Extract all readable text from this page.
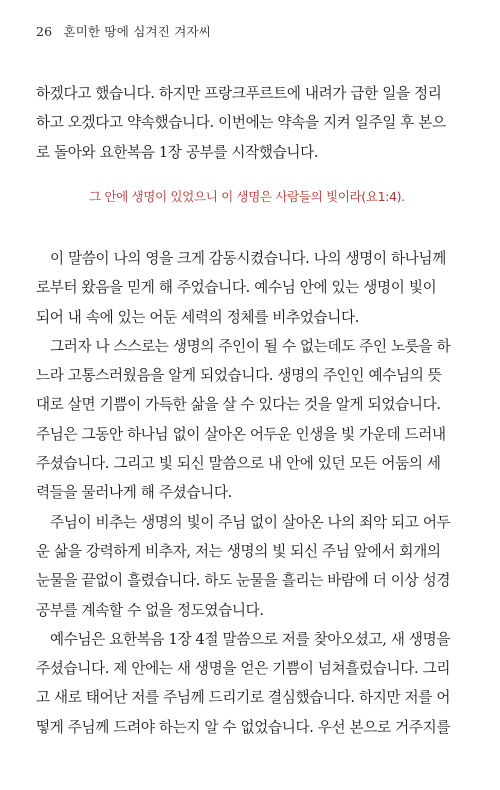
26 혼미한 땅에 심겨진 겨자씨
하겠다고 했습니다. 하지만 프랑크푸르트에 내려가 급한 일을 정리
하고 오겠다고 약속했습니다. 이번에는 약속을 지켜 일주일 후 본으
로 돌아와 요한복음 1장 공부를 시작했습니다.
그 안에 생명이 있었으니 이 생명은 사람들의 빛이라(요1:4).
이 말씀이 나의 영을 크게 감동시켰습니다. 나의 생명이 하나님께
로부터 왔음을 믿게 해 주었습니다. 예수님 안에 있는 생명이 빛이
되어 내 속에 있는 어둔 세력의 정체를 비추었습니다.
그러자 나 스스로는 생명의 주인이 될 수 없는데도 주인 노릇을 하
느라 고통스러웠음을 알게 되었습니다. 생명의 주인인 예수님의 뜻
대로 살면 기쁨이 가득한 삶을 살 수 있다는 것을 알게 되었습니다.
주님은 그동안 하나님 없이 살아온 어두운 인생을 빛 가운데 드러내
주셨습니다. 그리고 빛 되신 말씀으로 내 안에 있던 모든 어둠의 세
력들을 물러나게 해 주셨습니다.
주님이 비추는 생명의 빛이 주님 없이 살아온 나의 죄악 되고 어두
운 삶을 강력하게 비추자, 저는 생명의 빛 되신 주님 앞에서 회개의
눈물을 끝없이 흘렸습니다. 하도 눈물을 흘리는 바람에 더 이상 성경
공부를 계속할 수 없을 정도였습니다.
예수님은 요한복음 1장 4절 말씀으로 저를 찾아오셨고, 새 생명을
주셨습니다. 제 안에는 새 생명을 얻은 기쁨이 넘쳐흘렀습니다. 그리
고 새로 태어난 저를 주님께 드리기로 결심했습니다. 하지만 저를 어
떻게 주님께 드려야 하는지 알 수 없었습니다. 우선 본으로 거주지를
